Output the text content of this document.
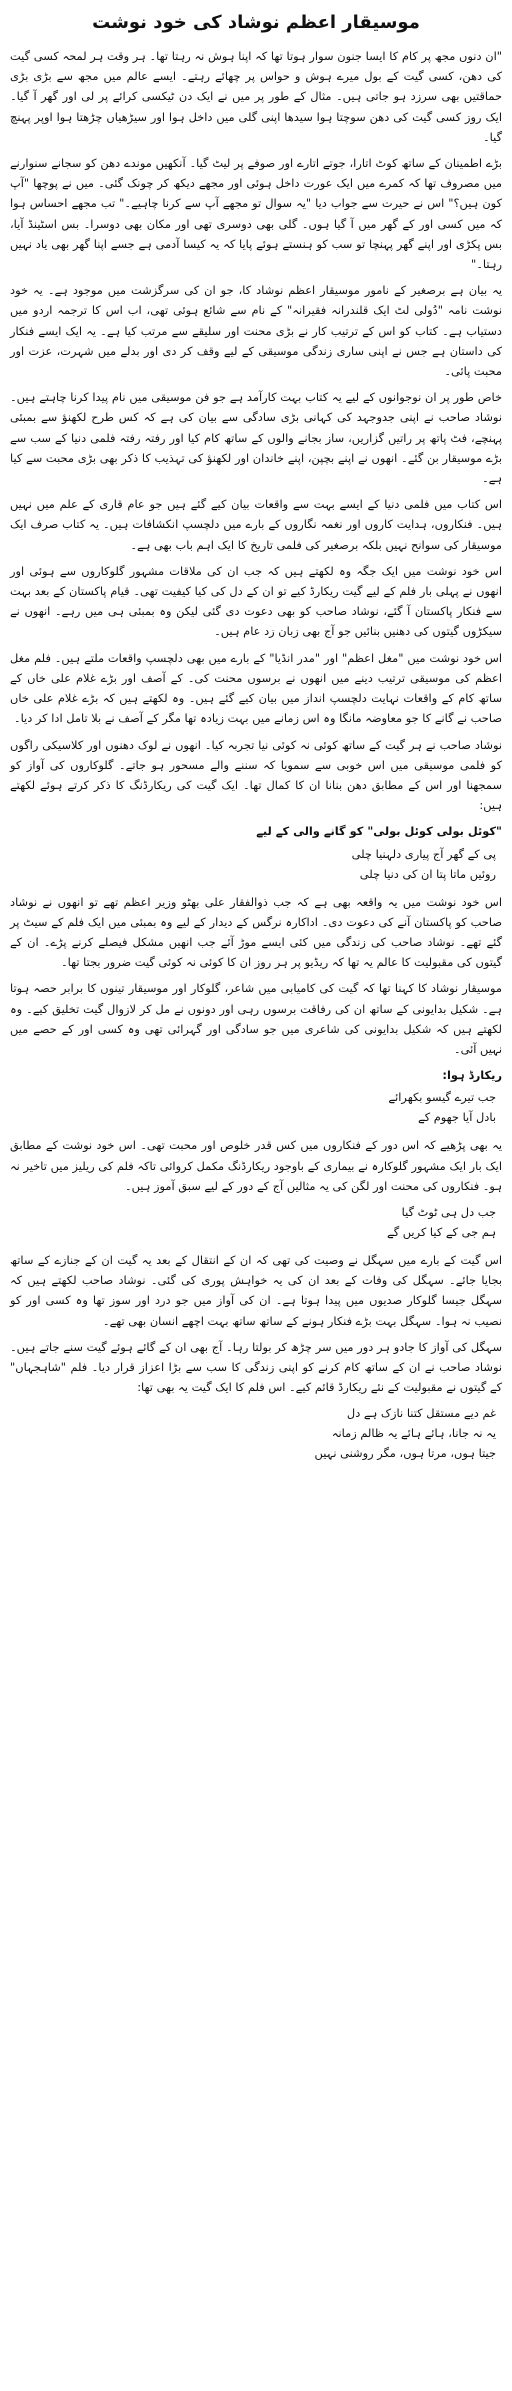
موسیقار اعظم نوشاد کی خود نوشت

"ان دنوں مجھ پر کام کا ایسا جنون سوار ہوتا تھا کہ اپنا ہوش نہ رہتا تھا۔ ہر وقت ہر لمحہ کسی گیت کی دھن، کسی گیت کے بول میرے ہوش و حواس پر چھائے رہتے۔ ایسے عالم میں مجھ سے بڑی بڑی حماقتیں بھی سرزد ہو جاتی ہیں۔ مثال کے طور پر میں نے ایک دن ٹیکسی کرائے پر لی اور گھر آ گیا۔ ایک روز کسی گیت کی دھن سوچتا ہوا سیدھا اپنی گلی میں داخل ہوا اور سیڑھیاں چڑھتا ہوا اوپر پہنچ گیا۔

بڑے اطمینان کے ساتھ کوٹ اتارا، جوتے اتارے اور صوفے پر لیٹ گیا۔ آنکھیں موندے دھن کو سجانے سنوارنے میں مصروف تھا کہ کمرے میں ایک عورت داخل ہوئی اور مجھے دیکھ کر چونک گئی۔ میں نے پوچھا "آپ کون ہیں؟" اس نے حیرت سے جواب دیا "یہ سوال تو مجھے آپ سے کرنا چاہیے۔" تب مجھے احساس ہوا کہ میں کسی اور کے گھر میں آ گیا ہوں۔ گلی بھی دوسری تھی اور مکان بھی دوسرا۔ بس اسٹینڈ آیا، بس پکڑی اور اپنے گھر پہنچا تو سب کو ہنستے ہوئے پایا کہ یہ کیسا آدمی ہے جسے اپنا گھر بھی یاد نہیں رہتا۔"

یہ بیان ہے برصغیر کے نامور موسیقار اعظم نوشاد کا، جو ان کی سرگزشت میں موجود ہے۔ یہ خود نوشت نامہ "دُولی لٹ ایک قلندرانہ فقیرانہ" کے نام سے شائع ہوئی تھی، اب اس کا ترجمہ اردو میں دستیاب ہے۔ کتاب کو اس کے ترتیب کار نے بڑی محنت اور سلیقے سے مرتب کیا ہے۔ یہ ایک ایسے فنکار کی داستان ہے جس نے اپنی ساری زندگی موسیقی کے لیے وقف کر دی اور بدلے میں شہرت، عزت اور محبت پائی۔

خاص طور پر ان نوجوانوں کے لیے یہ کتاب بہت کارآمد ہے جو فن موسیقی میں نام پیدا کرنا چاہتے ہیں۔ نوشاد صاحب نے اپنی جدوجہد کی کہانی بڑی سادگی سے بیان کی ہے کہ کس طرح لکھنؤ سے بمبئی پہنچے، فٹ پاتھ پر راتیں گزاریں، ساز بجانے والوں کے ساتھ کام کیا اور رفتہ رفتہ فلمی دنیا کے سب سے بڑے موسیقار بن گئے۔ انھوں نے اپنے بچپن، اپنے خاندان اور لکھنؤ کی تہذیب کا ذکر بھی بڑی محبت سے کیا ہے۔

اس کتاب میں فلمی دنیا کے ایسے بہت سے واقعات بیان کیے گئے ہیں جو عام قاری کے علم میں نہیں ہیں۔ فنکاروں، ہدایت کاروں اور نغمہ نگاروں کے بارے میں دلچسپ انکشافات ہیں۔ یہ کتاب صرف ایک موسیقار کی سوانح نہیں بلکہ برصغیر کی فلمی تاریخ کا ایک اہم باب بھی ہے۔

اس خود نوشت میں ایک جگہ وہ لکھتے ہیں کہ جب ان کی ملاقات مشہور گلوکاروں سے ہوئی اور انھوں نے پہلی بار فلم کے لیے گیت ریکارڈ کیے تو ان کے دل کی کیا کیفیت تھی۔ قیام پاکستان کے بعد بہت سے فنکار پاکستان آ گئے، نوشاد صاحب کو بھی دعوت دی گئی لیکن وہ بمبئی ہی میں رہے۔ انھوں نے سیکڑوں گیتوں کی دھنیں بنائیں جو آج بھی زبان زد عام ہیں۔

اس خود نوشت میں "مغل اعظم" اور "مدر انڈیا" کے بارے میں بھی دلچسپ واقعات ملتے ہیں۔ فلم مغل اعظم کی موسیقی ترتیب دینے میں انھوں نے برسوں محنت کی۔ کے آصف اور بڑے غلام علی خاں کے ساتھ کام کے واقعات نہایت دلچسپ انداز میں بیان کیے گئے ہیں۔ وہ لکھتے ہیں کہ بڑے غلام علی خاں صاحب نے گانے کا جو معاوضہ مانگا وہ اس زمانے میں بہت زیادہ تھا مگر کے آصف نے بلا تامل ادا کر دیا۔

نوشاد صاحب نے ہر گیت کے ساتھ کوئی نہ کوئی نیا تجربہ کیا۔ انھوں نے لوک دھنوں اور کلاسیکی راگوں کو فلمی موسیقی میں اس خوبی سے سمویا کہ سننے والے مسحور ہو جاتے۔ گلوکاروں کی آواز کو سمجھنا اور اس کے مطابق دھن بنانا ان کا کمال تھا۔ ایک گیت کی ریکارڈنگ کا ذکر کرتے ہوئے لکھتے ہیں:

"کوئل بولی کوئل بولی" کو گانے والی کے لیے
پی کے گھر آج پیاری دلہنیا چلی
روئیں ماتا پتا ان کی دنیا چلی

اس خود نوشت میں یہ واقعہ بھی ہے کہ جب ذوالفقار علی بھٹو وزیر اعظم تھے تو انھوں نے نوشاد صاحب کو پاکستان آنے کی دعوت دی۔ اداکارہ نرگس کے دیدار کے لیے وہ بمبئی میں ایک فلم کے سیٹ پر گئے تھے۔ نوشاد صاحب کی زندگی میں کئی ایسے موڑ آئے جب انھیں مشکل فیصلے کرنے پڑے۔ ان کے گیتوں کی مقبولیت کا عالم یہ تھا کہ ریڈیو پر ہر روز ان کا کوئی نہ کوئی گیت ضرور بجتا تھا۔

موسیقار نوشاد کا کہنا تھا کہ گیت کی کامیابی میں شاعر، گلوکار اور موسیقار تینوں کا برابر حصہ ہوتا ہے۔ شکیل بدایونی کے ساتھ ان کی رفاقت برسوں رہی اور دونوں نے مل کر لازوال گیت تخلیق کیے۔ وہ لکھتے ہیں کہ شکیل بدایونی کی شاعری میں جو سادگی اور گہرائی تھی وہ کسی اور کے حصے میں نہیں آئی۔

ریکارڈ ہوا:
جب تیرے گیسو بکھرائے
بادل آیا جھوم کے

یہ بھی پڑھیے کہ اس دور کے فنکاروں میں کس قدر خلوص اور محبت تھی۔ اس خود نوشت کے مطابق ایک بار ایک مشہور گلوکارہ نے بیماری کے باوجود ریکارڈنگ مکمل کروائی تاکہ فلم کی ریلیز میں تاخیر نہ ہو۔ فنکاروں کی محنت اور لگن کی یہ مثالیں آج کے دور کے لیے سبق آموز ہیں۔

جب دل ہی ٹوٹ گیا
ہم جی کے کیا کریں گے

اس گیت کے بارے میں سہگل نے وصیت کی تھی کہ ان کے انتقال کے بعد یہ گیت ان کے جنازے کے ساتھ بجایا جائے۔ سہگل کی وفات کے بعد ان کی یہ خواہش پوری کی گئی۔ نوشاد صاحب لکھتے ہیں کہ سہگل جیسا گلوکار صدیوں میں پیدا ہوتا ہے۔ ان کی آواز میں جو درد اور سوز تھا وہ کسی اور کو نصیب نہ ہوا۔ سہگل بہت بڑے فنکار ہونے کے ساتھ ساتھ بہت اچھے انسان بھی تھے۔

سہگل کی آواز کا جادو ہر دور میں سر چڑھ کر بولتا رہا۔ آج بھی ان کے گائے ہوئے گیت سنے جاتے ہیں۔ نوشاد صاحب نے ان کے ساتھ کام کرنے کو اپنی زندگی کا سب سے بڑا اعزاز قرار دیا۔ فلم "شاہجہاں" کے گیتوں نے مقبولیت کے نئے ریکارڈ قائم کیے۔ اس فلم کا ایک گیت یہ بھی تھا:

غم دیے مستقل کتنا نازک ہے دل
یہ نہ جانا، ہائے ہائے یہ ظالم زمانہ
جیتا ہوں، مرتا ہوں، مگر روشنی نہیں
